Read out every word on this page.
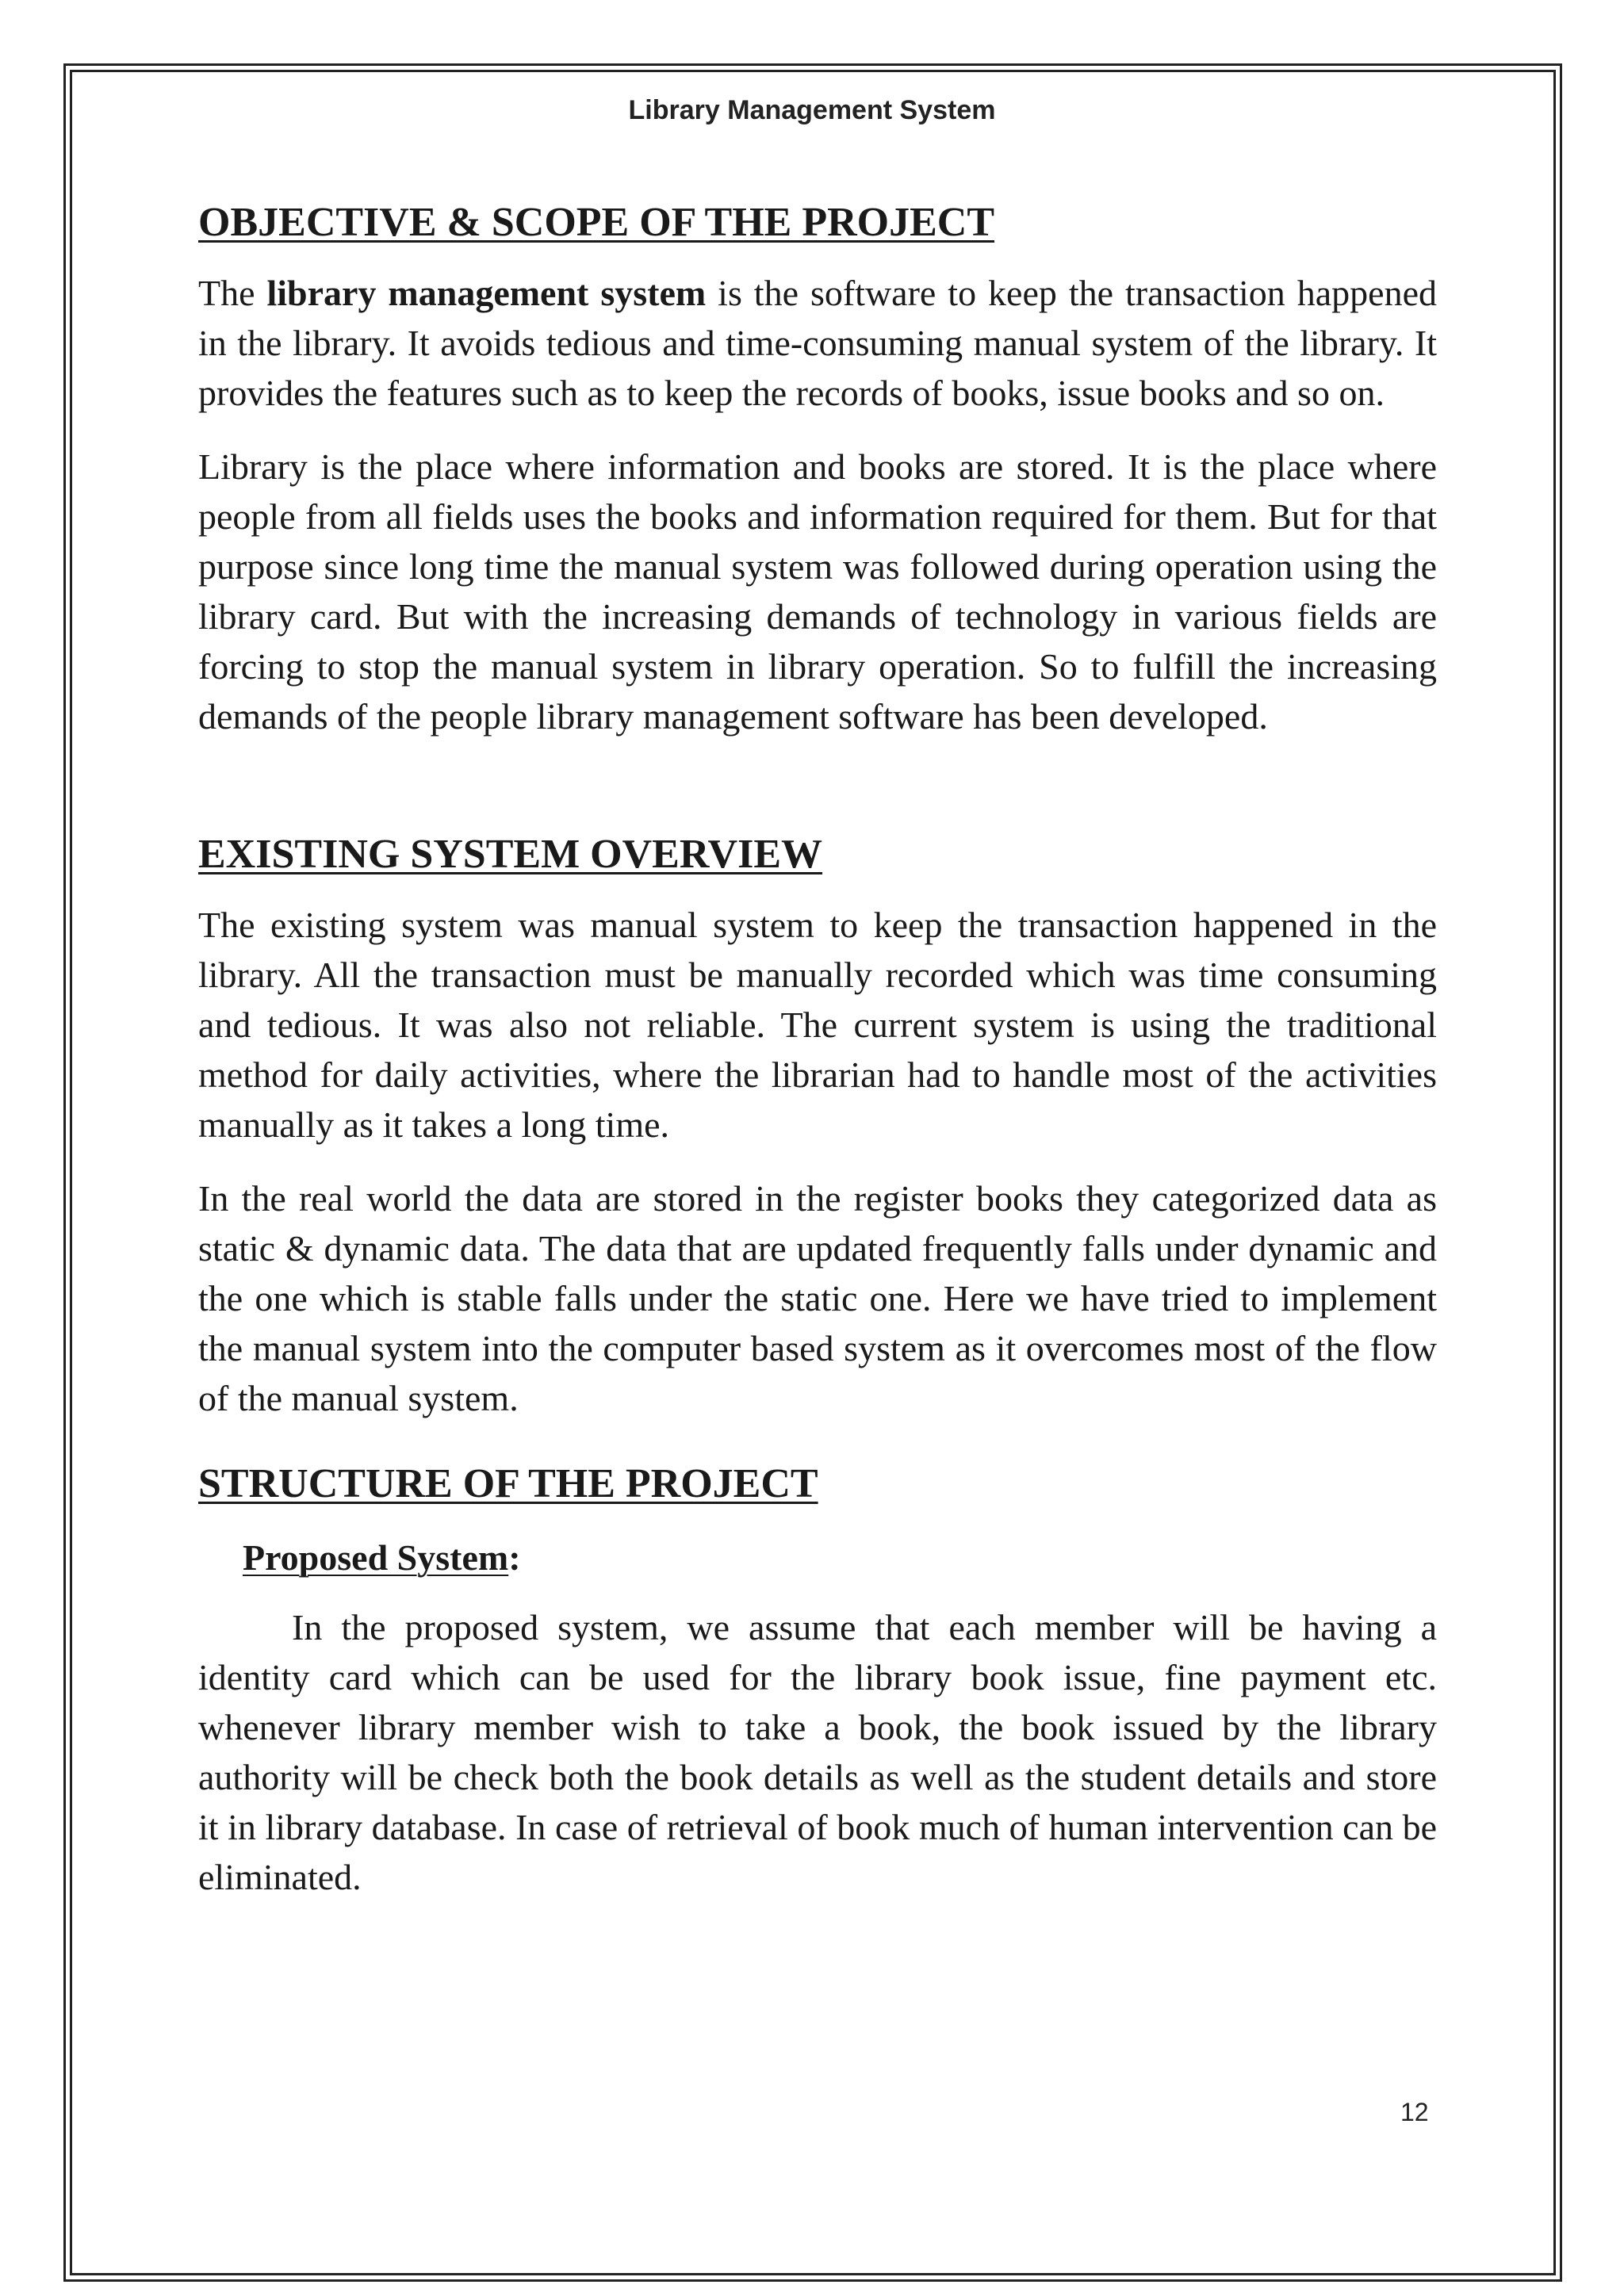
Library Management System
OBJECTIVE & SCOPE OF THE PROJECT

The library management system is the software to keep the transaction happened in the library. It avoids tedious and time-consuming manual system of the library. It provides the features such as to keep the records of books, issue books and so on.

Library is the place where information and books are stored. It is the place where people from all fields uses the books and information required for them. But for that purpose since long time the manual system was followed during operation using the library card. But with the increasing demands of technology in various fields are forcing to stop the manual system in library operation. So to fulfill the increasing demands of the people library management software has been developed.

EXISTING SYSTEM OVERVIEW

The existing system was manual system to keep the transaction happened in the library. All the transaction must be manually recorded which was time consuming and tedious. It was also not reliable. The current system is using the traditional method for daily activities, where the librarian had to handle most of the activities manually as it takes a long time.

In the real world the data are stored in the register books they categorized data as static & dynamic data. The data that are updated frequently falls under dynamic and the one which is stable falls under the static one. Here we have tried to implement the manual system into the computer based system as it overcomes most of the flow of the manual system.

STRUCTURE OF THE PROJECT
Proposed System:

In the proposed system, we assume that each member will be having a identity card which can be used for the library book issue, fine payment etc. whenever library member wish to take a book, the book issued by the library authority will be check both the book details as well as the student details and store it in library database. In case of retrieval of book much of human intervention can be eliminated.

12
